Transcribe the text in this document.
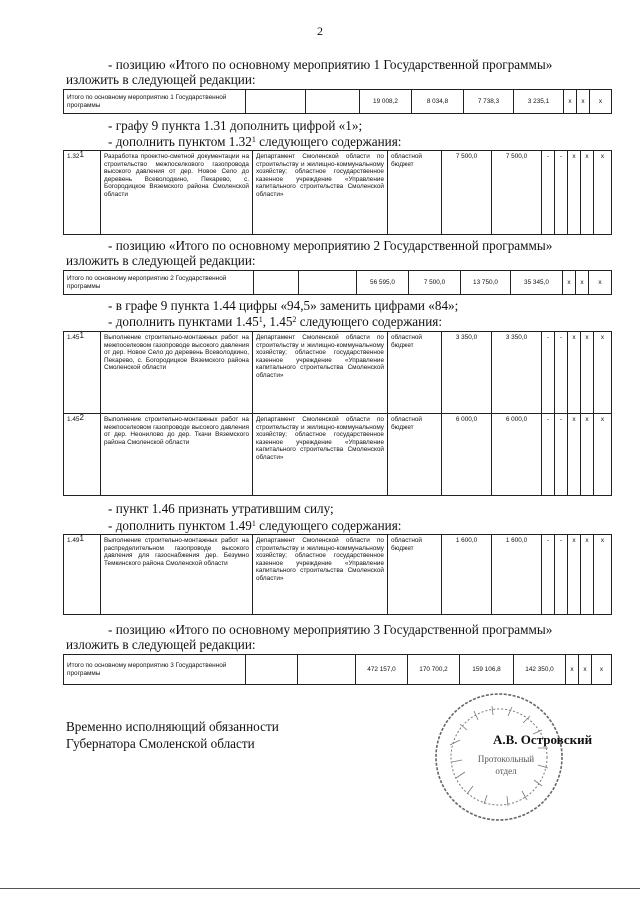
2
- позицию «Итого по основному мероприятию 1 Государственной программы»
изложить в следующей редакции:
Итого по основному мероприятию 1 Государственной программы			19 008,2	8 034,8	7 738,3	3 235,1	x	x	x
- графу 9 пункта 1.31 дополнить цифрой «1»;
- дополнить пунктом 1.32$^1$ следующего содержания:
1.32$^1$	Разработка проектно-сметной документации на строительство межпоселкового газопровода высокого давления от дер. Новое Село до деревень Всеволодкино, Пекарево, с. Богородицкое Вяземского района Смоленской области	Департамент Смоленской области по строительству и жилищно-коммунальному хозяйству; областное государственное казенное учреждение «Управление капитального строительства Смоленской области»	областной бюджет	7 500,0	7 500,0	-	-	x	x	x
- позицию «Итого по основному мероприятию 2 Государственной программы»
изложить в следующей редакции:
Итого по основному мероприятию 2 Государственной программы			56 595,0	7 500,0	13 750,0	35 345,0	x	x	x
- в графе 9 пункта 1.44 цифры «94,5» заменить цифрами «84»;
- дополнить пунктами 1.45$^1$, 1.45$^2$ следующего содержания:
1.45$^1$	Выполнение строительно-монтажных работ на межпоселковом газопроводе высокого давления от дер. Новое Село до деревень Всеволодкино, Пекарево, с. Богородицкое Вяземского района Смоленской области	Департамент Смоленской области по строительству и жилищно-коммунальному хозяйству; областное государственное казенное учреждение «Управление капитального строительства Смоленской области»	областной бюджет	3 350,0	3 350,0	-	-	x	x	x
1.45$^2$	Выполнение строительно-монтажных работ на межпоселковом газопроводе высокого давления от дер. Неонилово до дер. Ткачи Вяземского района Смоленской области	Департамент Смоленской области по строительству и жилищно-коммунальному хозяйству; областное государственное казенное учреждение «Управление капитального строительства Смоленской области»	областной бюджет	6 000,0	6 000,0	-	-	x	x	x
- пункт 1.46 признать утратившим силу;
- дополнить пунктом 1.49$^1$ следующего содержания:
1.49$^1$	Выполнение строительно-монтажных работ на распределительном газопроводе высокого давления для газоснабжения дер. Безумно Темкинского района Смоленской области	Департамент Смоленской области по строительству и жилищно-коммунальному хозяйству; областное государственное казенное учреждение «Управление капитального строительства Смоленской области»	областной бюджет	1 600,0	1 600,0	-	-	x	x	x
- позицию «Итого по основному мероприятию 3 Государственной программы»
изложить в следующей редакции:
Итого по основному мероприятию 3 Государственной программы			472 157,0	170 700,2	159 106,8	142 350,0	x	x	x
Временно исполняющий обязанности
Губернатора Смоленской области
Протокольный
отдел
А.В. Островский
